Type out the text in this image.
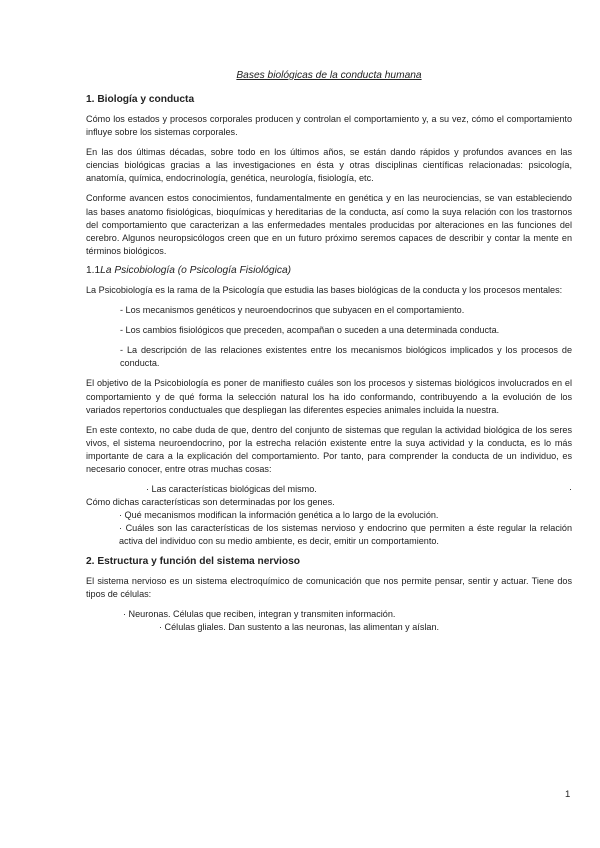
Bases biológicas de la conducta humana
1. Biología y conducta

Cómo los estados y procesos corporales producen y controlan el comportamiento y, a su vez, cómo el comportamiento influye sobre los sistemas corporales.

En las dos últimas décadas, sobre todo en los últimos años, se están dando rápidos y profundos avances en las ciencias biológicas gracias a las investigaciones en ésta y otras disciplinas científicas relacionadas: psicología, anatomía, química, endocrinología, genética, neurología, fisiología, etc.

Conforme avancen estos conocimientos, fundamentalmente en genética y en las neurociencias, se van estableciendo las bases anatomo fisiológicas, bioquímicas y hereditarias de la conducta, así como la suya relación con los trastornos del comportamiento que caracterizan a las enfermedades mentales producidas por alteraciones en las funciones del cerebro. Algunos neuropsicólogos creen que en un futuro próximo seremos capaces de describir y contar la mente en términos biológicos.

1.1La Psicobiología (o Psicología Fisiológica)

La Psicobiología es la rama de la Psicología que estudia las bases biológicas de la conducta y los procesos mentales:

- Los mecanismos genéticos y neuroendocrinos que subyacen en el comportamiento.

- Los cambios fisiológicos que preceden, acompañan o suceden a una determinada conducta.

- La descripción de las relaciones existentes entre los mecanismos biológicos implicados y los procesos de conducta.

El objetivo de la Psicobiología es poner de manifiesto cuáles son los procesos y sistemas biológicos involucrados en el comportamiento y de qué forma la selección natural los ha ido conformando, contribuyendo a la evolución de los variados repertorios conductuales que despliegan las diferentes especies animales incluida la nuestra.

En este contexto, no cabe duda de que, dentro del conjunto de sistemas que regulan la actividad biológica de los seres vivos, el sistema neuroendocrino, por la estrecha relación existente entre la suya actividad y la conducta, es lo más importante de cara a la explicación del comportamiento. Por tanto, para comprender la conducta de un individuo, es necesario conocer, entre otras muchas cosas:

· Las características biológicas del mismo.	·

Cómo dichas características son determinadas por los genes.

· Qué mecanismos modifican la información genética a lo largo de la evolución.

· Cuáles son las características de los sistemas nervioso y endocrino que permiten a éste regular la relación activa del individuo con su medio ambiente, es decir, emitir un comportamiento.

2. Estructura y función del sistema nervioso

El sistema nervioso es un sistema electroquímico de comunicación que nos permite pensar, sentir y actuar. Tiene dos tipos de células:

· Neuronas. Células que reciben, integran y transmiten información.

· Células gliales. Dan sustento a las neuronas, las alimentan y aíslan.

1
